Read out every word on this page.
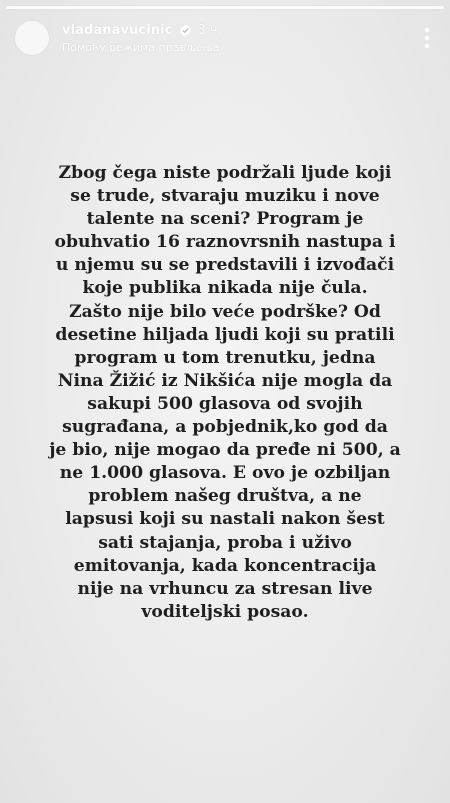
vladanavucinic 3 ч.
Помоћу режима прављења

Zbog čega niste podržali ljude koji
se trude, stvaraju muziku i nove
talente na sceni? Program je
obuhvatio 16 raznovrsnih nastupa i
u njemu su se predstavili i izvođači
koje publika nikada nije čula.
Zašto nije bilo veće podrške? Od
desetine hiljada ljudi koji su pratili
program u tom trenutku, jedna
Nina Žižić iz Nikšića nije mogla da
sakupi 500 glasova od svojih
sugrađana, a pobjednik,ko god da
je bio, nije mogao da pređe ni 500, a
ne 1.000 glasova. E ovo je ozbiljan
problem našeg društva, a ne
lapsusi koji su nastali nakon šest
sati stajanja, proba i uživo
emitovanja, kada koncentracija
nije na vrhuncu za stresan live
voditeljski posao.
